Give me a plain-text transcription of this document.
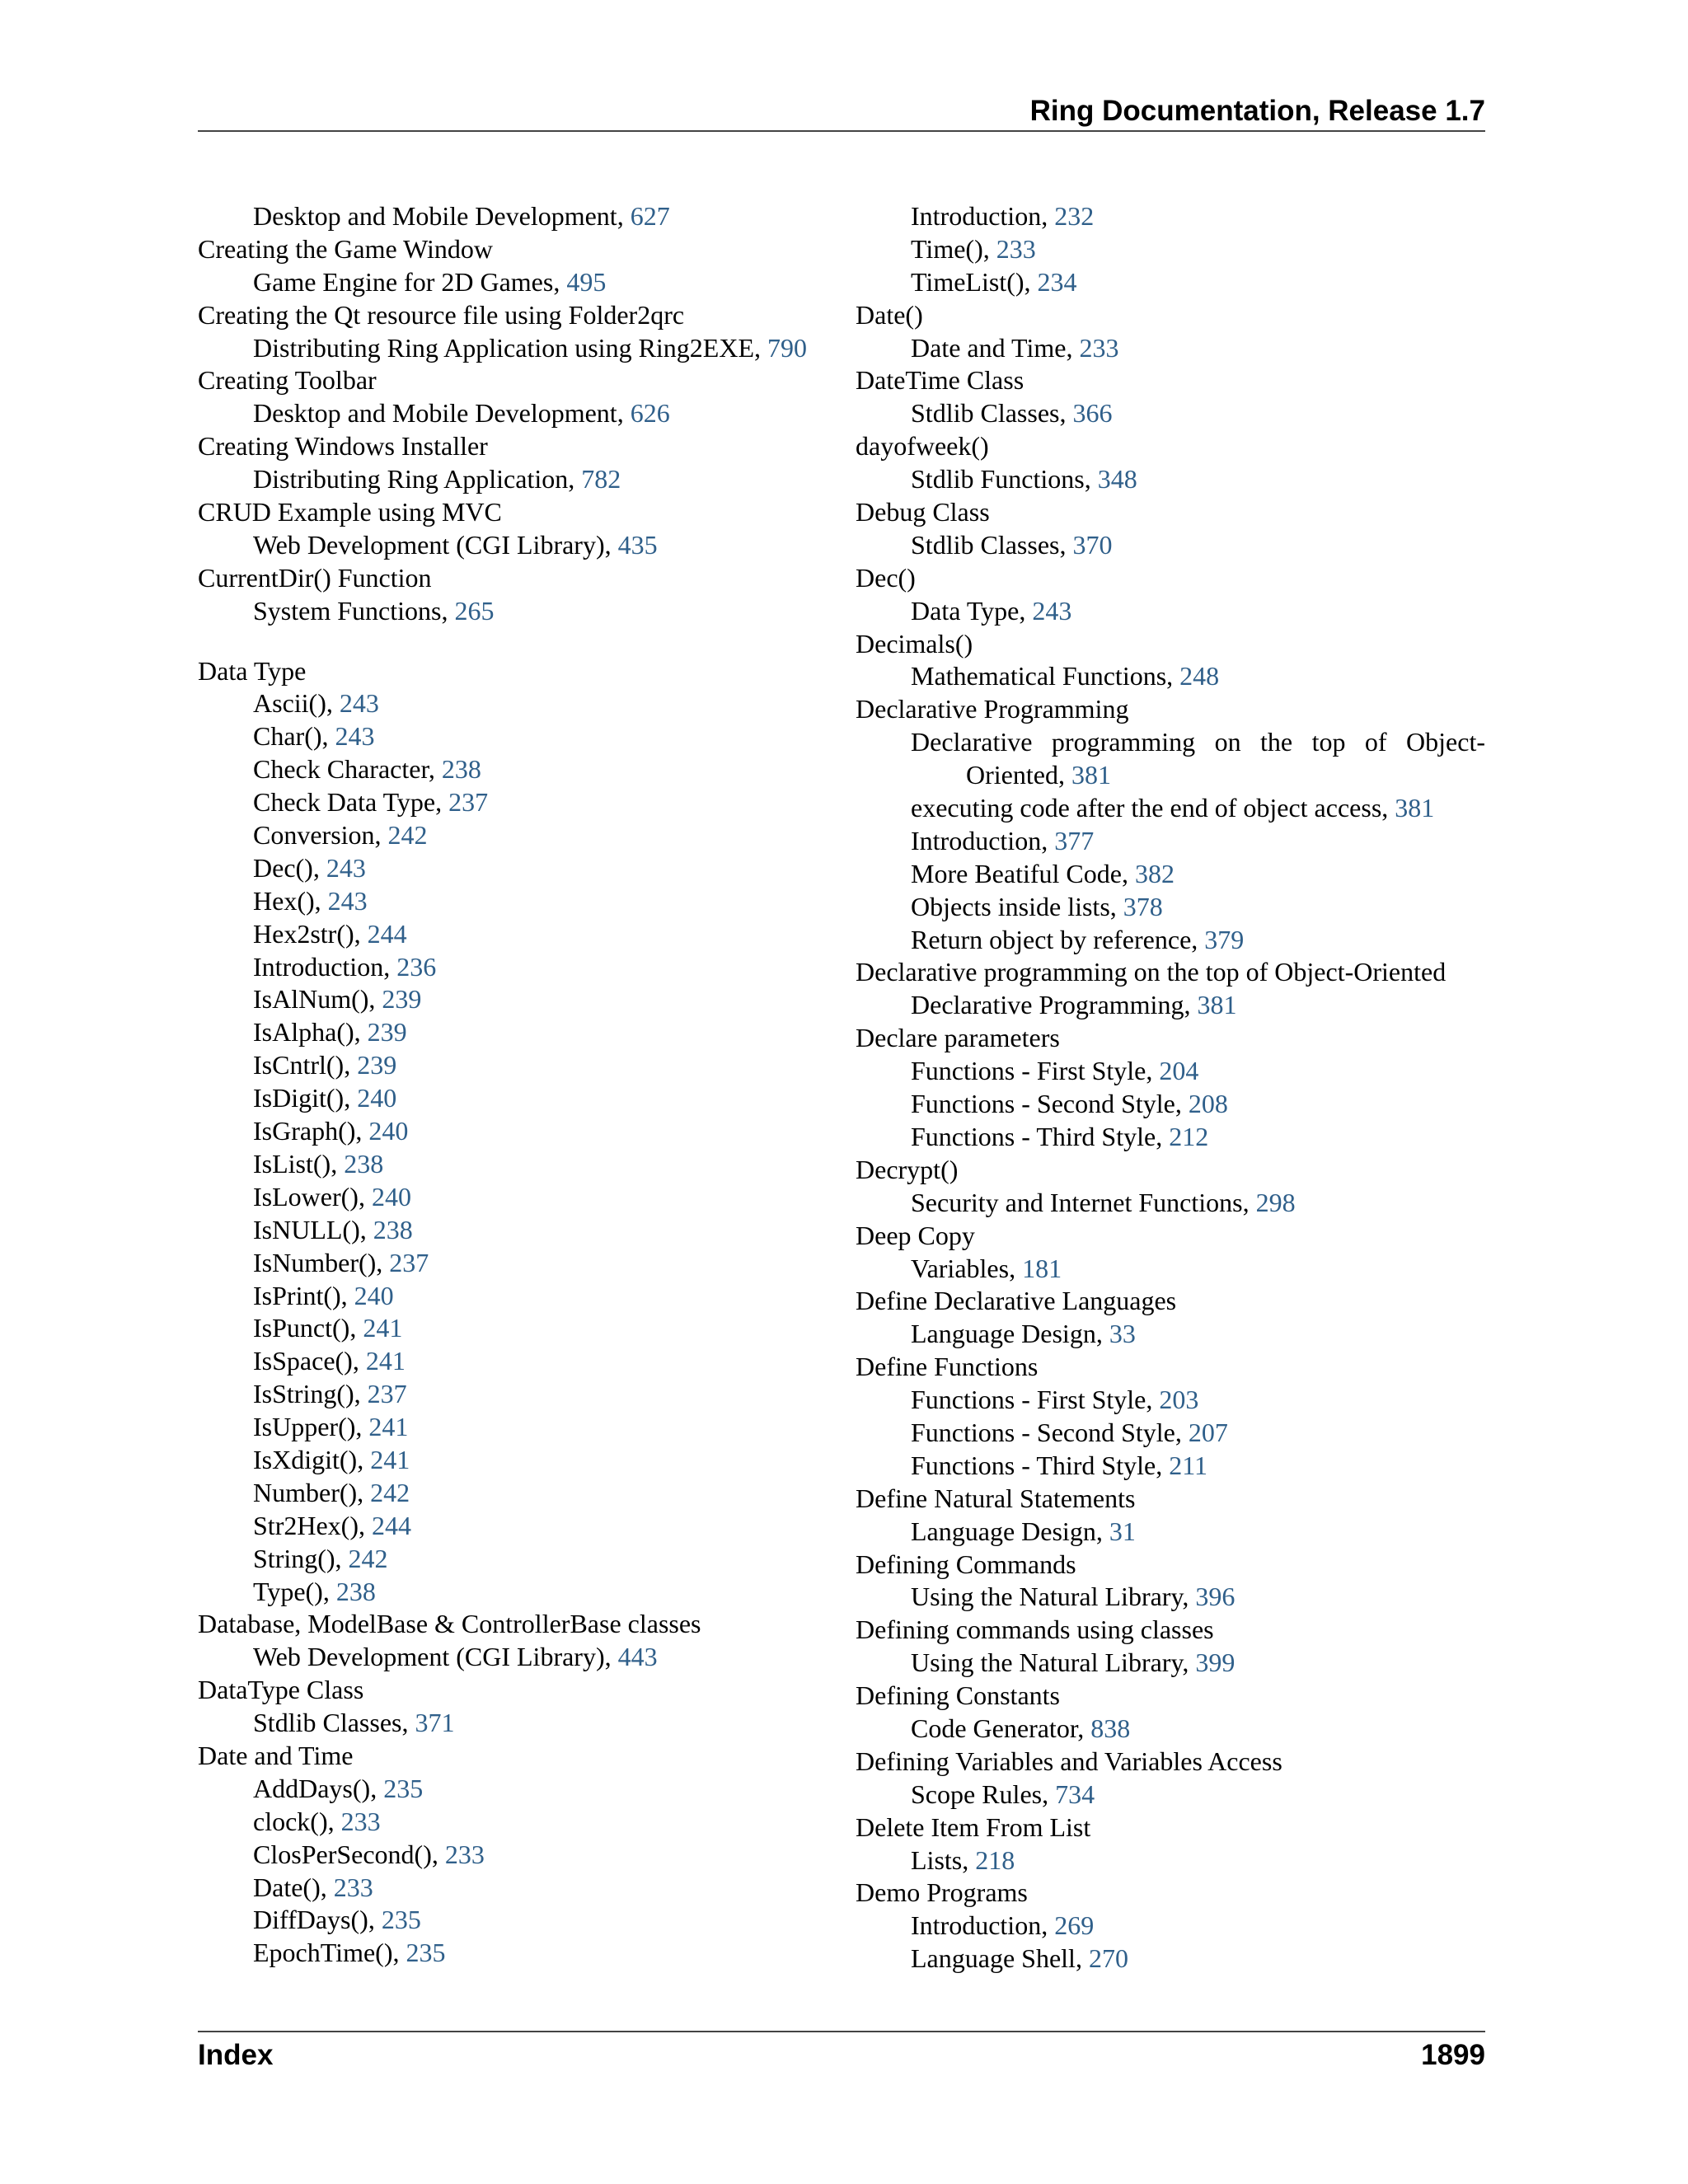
Ring Documentation, Release 1.7
Desktop and Mobile Development, 627
Creating the Game Window
Game Engine for 2D Games, 495
Creating the Qt resource file using Folder2qrc
Distributing Ring Application using Ring2EXE, 790
Creating Toolbar
Desktop and Mobile Development, 626
Creating Windows Installer
Distributing Ring Application, 782
CRUD Example using MVC
Web Development (CGI Library), 435
CurrentDir() Function
System Functions, 265
Data Type
Ascii(), 243
Char(), 243
Check Character, 238
Check Data Type, 237
Conversion, 242
Dec(), 243
Hex(), 243
Hex2str(), 244
Introduction, 236
IsAlNum(), 239
IsAlpha(), 239
IsCntrl(), 239
IsDigit(), 240
IsGraph(), 240
IsList(), 238
IsLower(), 240
IsNULL(), 238
IsNumber(), 237
IsPrint(), 240
IsPunct(), 241
IsSpace(), 241
IsString(), 237
IsUpper(), 241
IsXdigit(), 241
Number(), 242
Str2Hex(), 244
String(), 242
Type(), 238
Database, ModelBase & ControllerBase classes
Web Development (CGI Library), 443
DataType Class
Stdlib Classes, 371
Date and Time
AddDays(), 235
clock(), 233
ClosPerSecond(), 233
Date(), 233
DiffDays(), 235
EpochTime(), 235
Introduction, 232
Time(), 233
TimeList(), 234
Date()
Date and Time, 233
DateTime Class
Stdlib Classes, 366
dayofweek()
Stdlib Functions, 348
Debug Class
Stdlib Classes, 370
Dec()
Data Type, 243
Decimals()
Mathematical Functions, 248
Declarative Programming
Declarative programming on the top of Object-
Oriented, 381
executing code after the end of object access, 381
Introduction, 377
More Beatiful Code, 382
Objects inside lists, 378
Return object by reference, 379
Declarative programming on the top of Object-Oriented
Declarative Programming, 381
Declare parameters
Functions - First Style, 204
Functions - Second Style, 208
Functions - Third Style, 212
Decrypt()
Security and Internet Functions, 298
Deep Copy
Variables, 181
Define Declarative Languages
Language Design, 33
Define Functions
Functions - First Style, 203
Functions - Second Style, 207
Functions - Third Style, 211
Define Natural Statements
Language Design, 31
Defining Commands
Using the Natural Library, 396
Defining commands using classes
Using the Natural Library, 399
Defining Constants
Code Generator, 838
Defining Variables and Variables Access
Scope Rules, 734
Delete Item From List
Lists, 218
Demo Programs
Introduction, 269
Language Shell, 270
Index	1899
